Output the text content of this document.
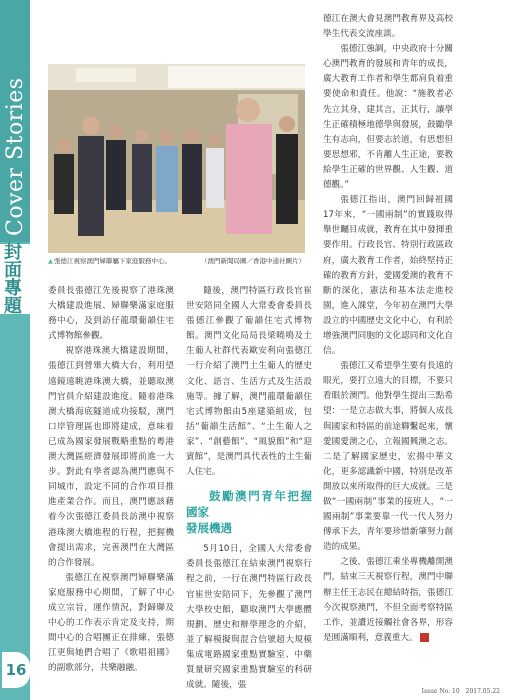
Cover Stories
封面專題
16
▲ 張德江視察澳門婦聯屬下家庭服務中心。	（澳門新聞局圖／香港中通社圖片）

委員長張德江先後視察了港珠澳大橋建設進展、婦聯樂滿家庭服務中心，及到訪仔龍環葡韻住宅式博物館參觀。

視察港珠澳大橋建設期間，張德江到營畢大橋大台，利用望遠鏡遠眺港珠澳大橋，並聽取澳門官員介紹建設進度。隨着港珠澳大橋海底隧道成功接駁，澳門口岸管理區也即將建成，意味着已成為國家發展戰略重點的粵港澳大灣區經濟發展即將前進一大步。對此有學者認為澳門應與不同城市，設定不同的合作項目推進產業合作。而且，澳門應該藉着今次張德江委員長訪澳中視察港珠澳大橋進程的行程，把握機會提出需求，完善澳門在大灣區的合作發展。

張德江在視察澳門婦聯樂滿家庭服務中心期間，了解了中心成立宗旨，運作情況，對歸聯及中心的工作表示肯定及支持，期間中心的合唱團正在排練，張德江更與她們合唱了《歌唱祖國》的副歌部分，共樂融融。

隨後，澳門特區行政長官崔世安陪同全國人大常委會委員長張德江參觀了葡韻住宅式博物館。澳門文化局局長梁曉鳴及土生葡人社群代表歐安利向張德江一行介紹了澳門土生葡人的歷史文化、語言、生活方式及生活設施等。據了解，澳門龍環葡韻住宅式博物館由5座建築組成，包括“葡韻生活館”、“土生葡人之家”、“創藝館”、“風貌館”和“迎賓館”，是澳門具代表性的土生葡人住宅。

鼓勵澳門青年把握國家
發展機遇

5月10日，全國人大常委會委員長張德江在結束澳門視察行程之前，一行在澳門特區行政長官崔世安陪同下，先參觀了澳門大學校史館，聽取澳門大學應體規劃、歷史和辦學理念的介紹，並了解模擬與混合信號超大規模集成電路國家重點實驗室、中藥質量研究國家重點實驗室的科研成就。隨後，張

德江在澳大會見澳門教育界及高校學生代表交流座談。

張德江強調，中央政府十分關心澳門教育的發展和青年的成長，廣大教育工作者和學生都肩負着重要使命和責任。他說：“施教者必先立其身，建其言，正其行，讓學生正確積極地德學與發展，鼓勵學生有志向，但要志於道，有思想但要思想邪，不肯離人生正途，要教給學生正確的世界觀、人生觀、道德觀。”

張德江指出，澳門回歸祖國17年來，“一國兩制”的實踐取得舉世矚目成就，教育在其中發揮重要作用。行政長官、特別行政區政府，廣大教育工作者，始終堅持正確的教育方針，愛國愛澳的教育不斷的深化，憲法和基本法走進校園，進入課堂，今年初在澳門大學設立的中國歷史文化中心，有利於增強澳門同胞的文化認同和文化自信。

張德江又希望學生要有長遠的眼光，要打立遠大的目標，不要只看眼於澳門。他對學生提出三點希望：一是立志做大事，將個人成長與國家和特區的前途聯繫起來，懷愛國愛澳之心，立報國興澳之志。二是了解國家歷史，宏揚中華文化，更多認識新中國，特別是改革開放以來所取得的巨大成就。三是做“一國兩制”事業的接班人，“一國兩制”事業要靠一代一代人努力傳承下去，青年要珍惜新肇努力創造的成果。

之後，張德江乘坐專機離開澳門，結束三天視察行程，澳門中聯辦主任王志民在總結時指，張德江今次視察澳門，不但全面考察特區工作，並讚近接觸社會各界，形容是圓滿順利，意義重大。

Issue No. 10　2017.05.22
